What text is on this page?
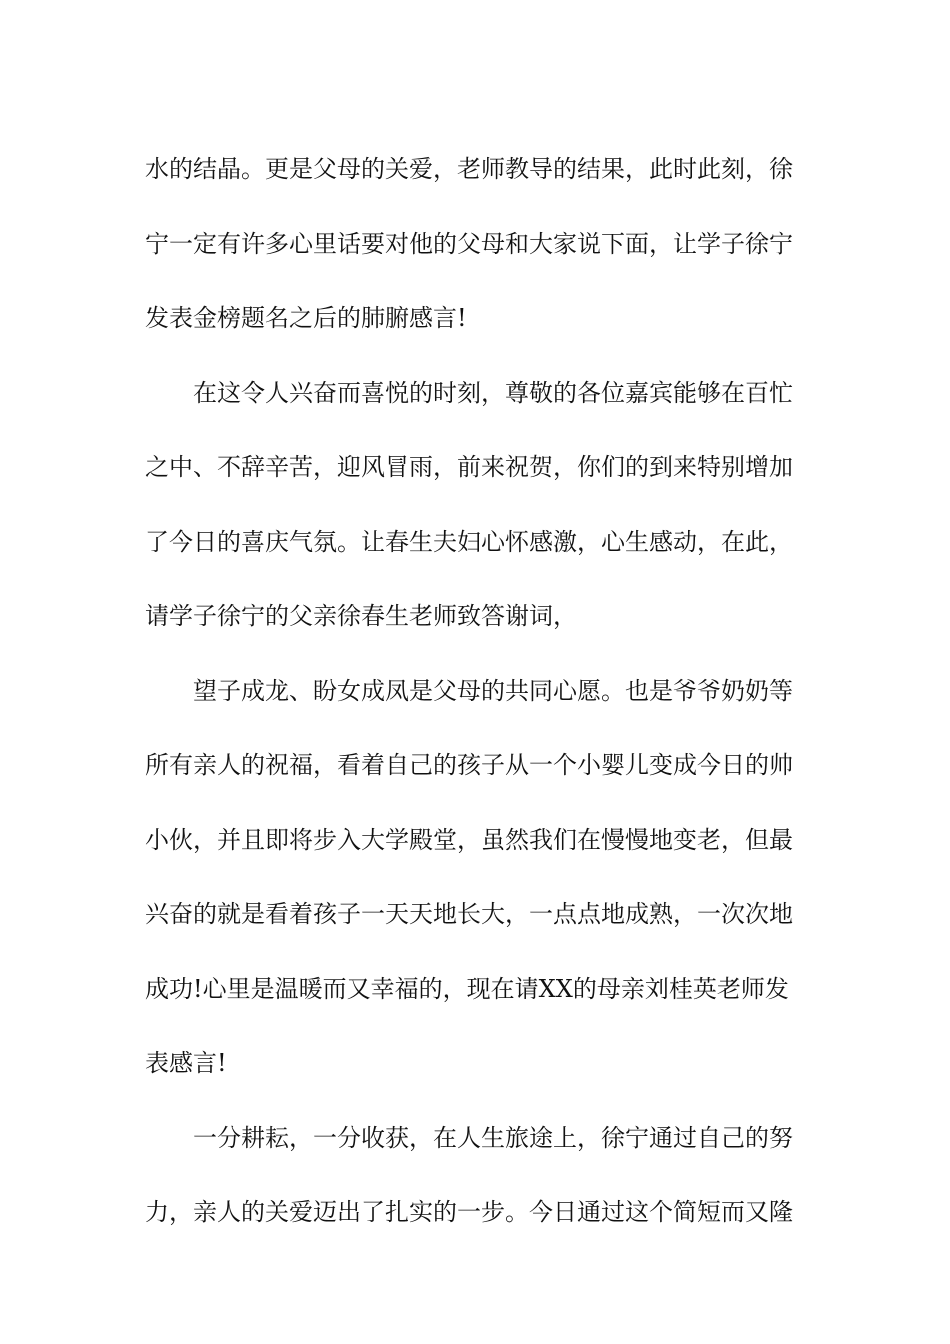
水的结晶。更是父母的关爱，老师教导的结果，此时此刻，徐
宁一定有许多心里话要对他的父母和大家说下面，让学子徐宁
发表金榜题名之后的肺腑感言!
在这令人兴奋而喜悦的时刻，尊敬的各位嘉宾能够在百忙
之中、不辞辛苦，迎风冒雨，前来祝贺，你们的到来特别增加
了今日的喜庆气氛。让春生夫妇心怀感激，心生感动，在此，
请学子徐宁的父亲徐春生老师致答谢词，
望子成龙、盼女成凤是父母的共同心愿。也是爷爷奶奶等
所有亲人的祝福，看着自己的孩子从一个小婴儿变成今日的帅
小伙，并且即将步入大学殿堂，虽然我们在慢慢地变老，但最
兴奋的就是看着孩子一天天地长大，一点点地成熟，一次次地
成功!心里是温暖而又幸福的，现在请XX的母亲刘桂英老师发
表感言!
一分耕耘，一分收获，在人生旅途上，徐宁通过自己的努
力，亲人的关爱迈出了扎实的一步。今日通过这个简短而又隆
